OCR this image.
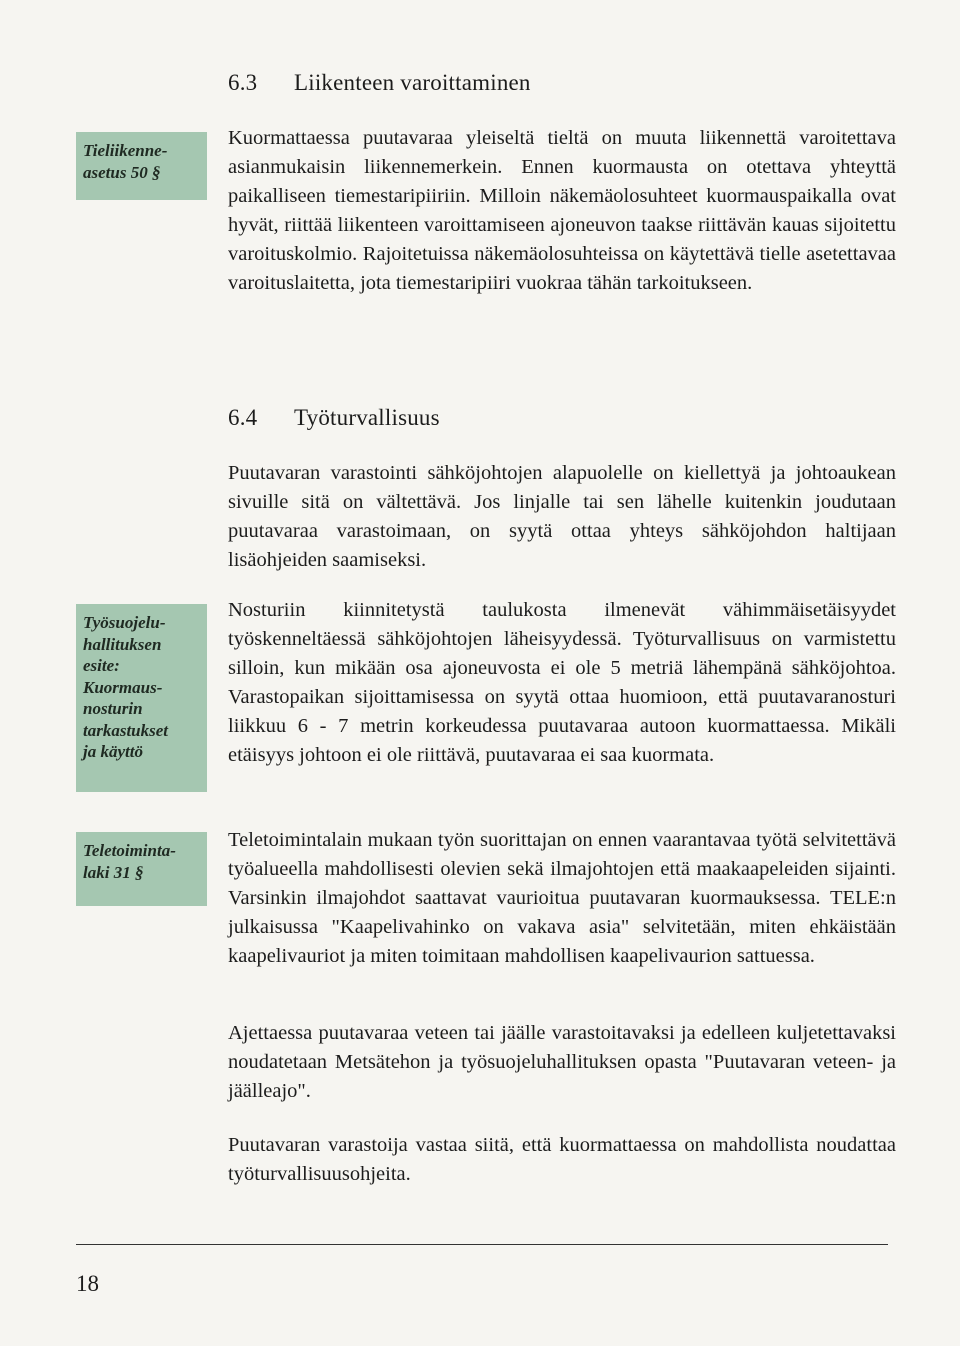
6.3 Liikenteen varoittaminen
Tieliikenne-
asetus 50 §

Kuormattaessa puutavaraa yleiseltä tieltä on muuta liikennettä varoitettava asianmukaisin liikennemerkein. Ennen kuormausta on otettava yhteyttä paikalliseen tiemestaripiiriin. Milloin näkemäolosuhteet kuormauspaikalla ovat hyvät, riittää liikenteen varoittamiseen ajoneuvon taakse riittävän kauas sijoitettu varoituskolmio. Rajoitetuissa näkemäolosuhteissa on käytettävä tielle asetettavaa varoituslaitetta, jota tiemestaripiiri vuokraa tähän tarkoitukseen.

6.4 Työturvallisuus

Puutavaran varastointi sähköjohtojen alapuolelle on kiellettyä ja johtoaukean sivuille sitä on vältettävä. Jos linjalle tai sen lähelle kuitenkin joudutaan puutavaraa varastoimaan, on syytä ottaa yhteys sähköjohdon haltijaan lisäohjeiden saamiseksi.

Työsuojelu-
hallituksen
esite:
Kuormaus-
nosturin
tarkastukset
ja käyttö

Nosturiin kiinnitetystä taulukosta ilmenevät vähimmäisetäisyydet työskenneltäessä sähköjohtojen läheisyydessä. Työturvallisuus on varmistettu silloin, kun mikään osa ajoneuvosta ei ole 5 metriä lähempänä sähköjohtoa. Varastopaikan sijoittamisessa on syytä ottaa huomioon, että puutavaranosturi liikkuu 6 - 7 metrin korkeudessa puutavaraa autoon kuormattaessa. Mikäli etäisyys johtoon ei ole riittävä, puutavaraa ei saa kuormata.

Teletoiminta-
laki 31 §

Teletoimintalain mukaan työn suorittajan on ennen vaarantavaa työtä selvitettävä työalueella mahdollisesti olevien sekä ilmajohtojen että maakaapeleiden sijainti. Varsinkin ilmajohdot saattavat vaurioitua puutavaran kuormauksessa. TELE:n julkaisussa "Kaapelivahinko on vakava asia" selvitetään, miten ehkäistään kaapelivauriot ja miten toimitaan mahdollisen kaapelivaurion sattuessa.

Ajettaessa puutavaraa veteen tai jäälle varastoitavaksi ja edelleen kuljetettavaksi noudatetaan Metsätehon ja työsuojeluhallituksen opasta "Puutavaran veteen- ja jäälleajo".

Puutavaran varastoija vastaa siitä, että kuormattaessa on mahdollista noudattaa työturvallisuusohjeita.

18
